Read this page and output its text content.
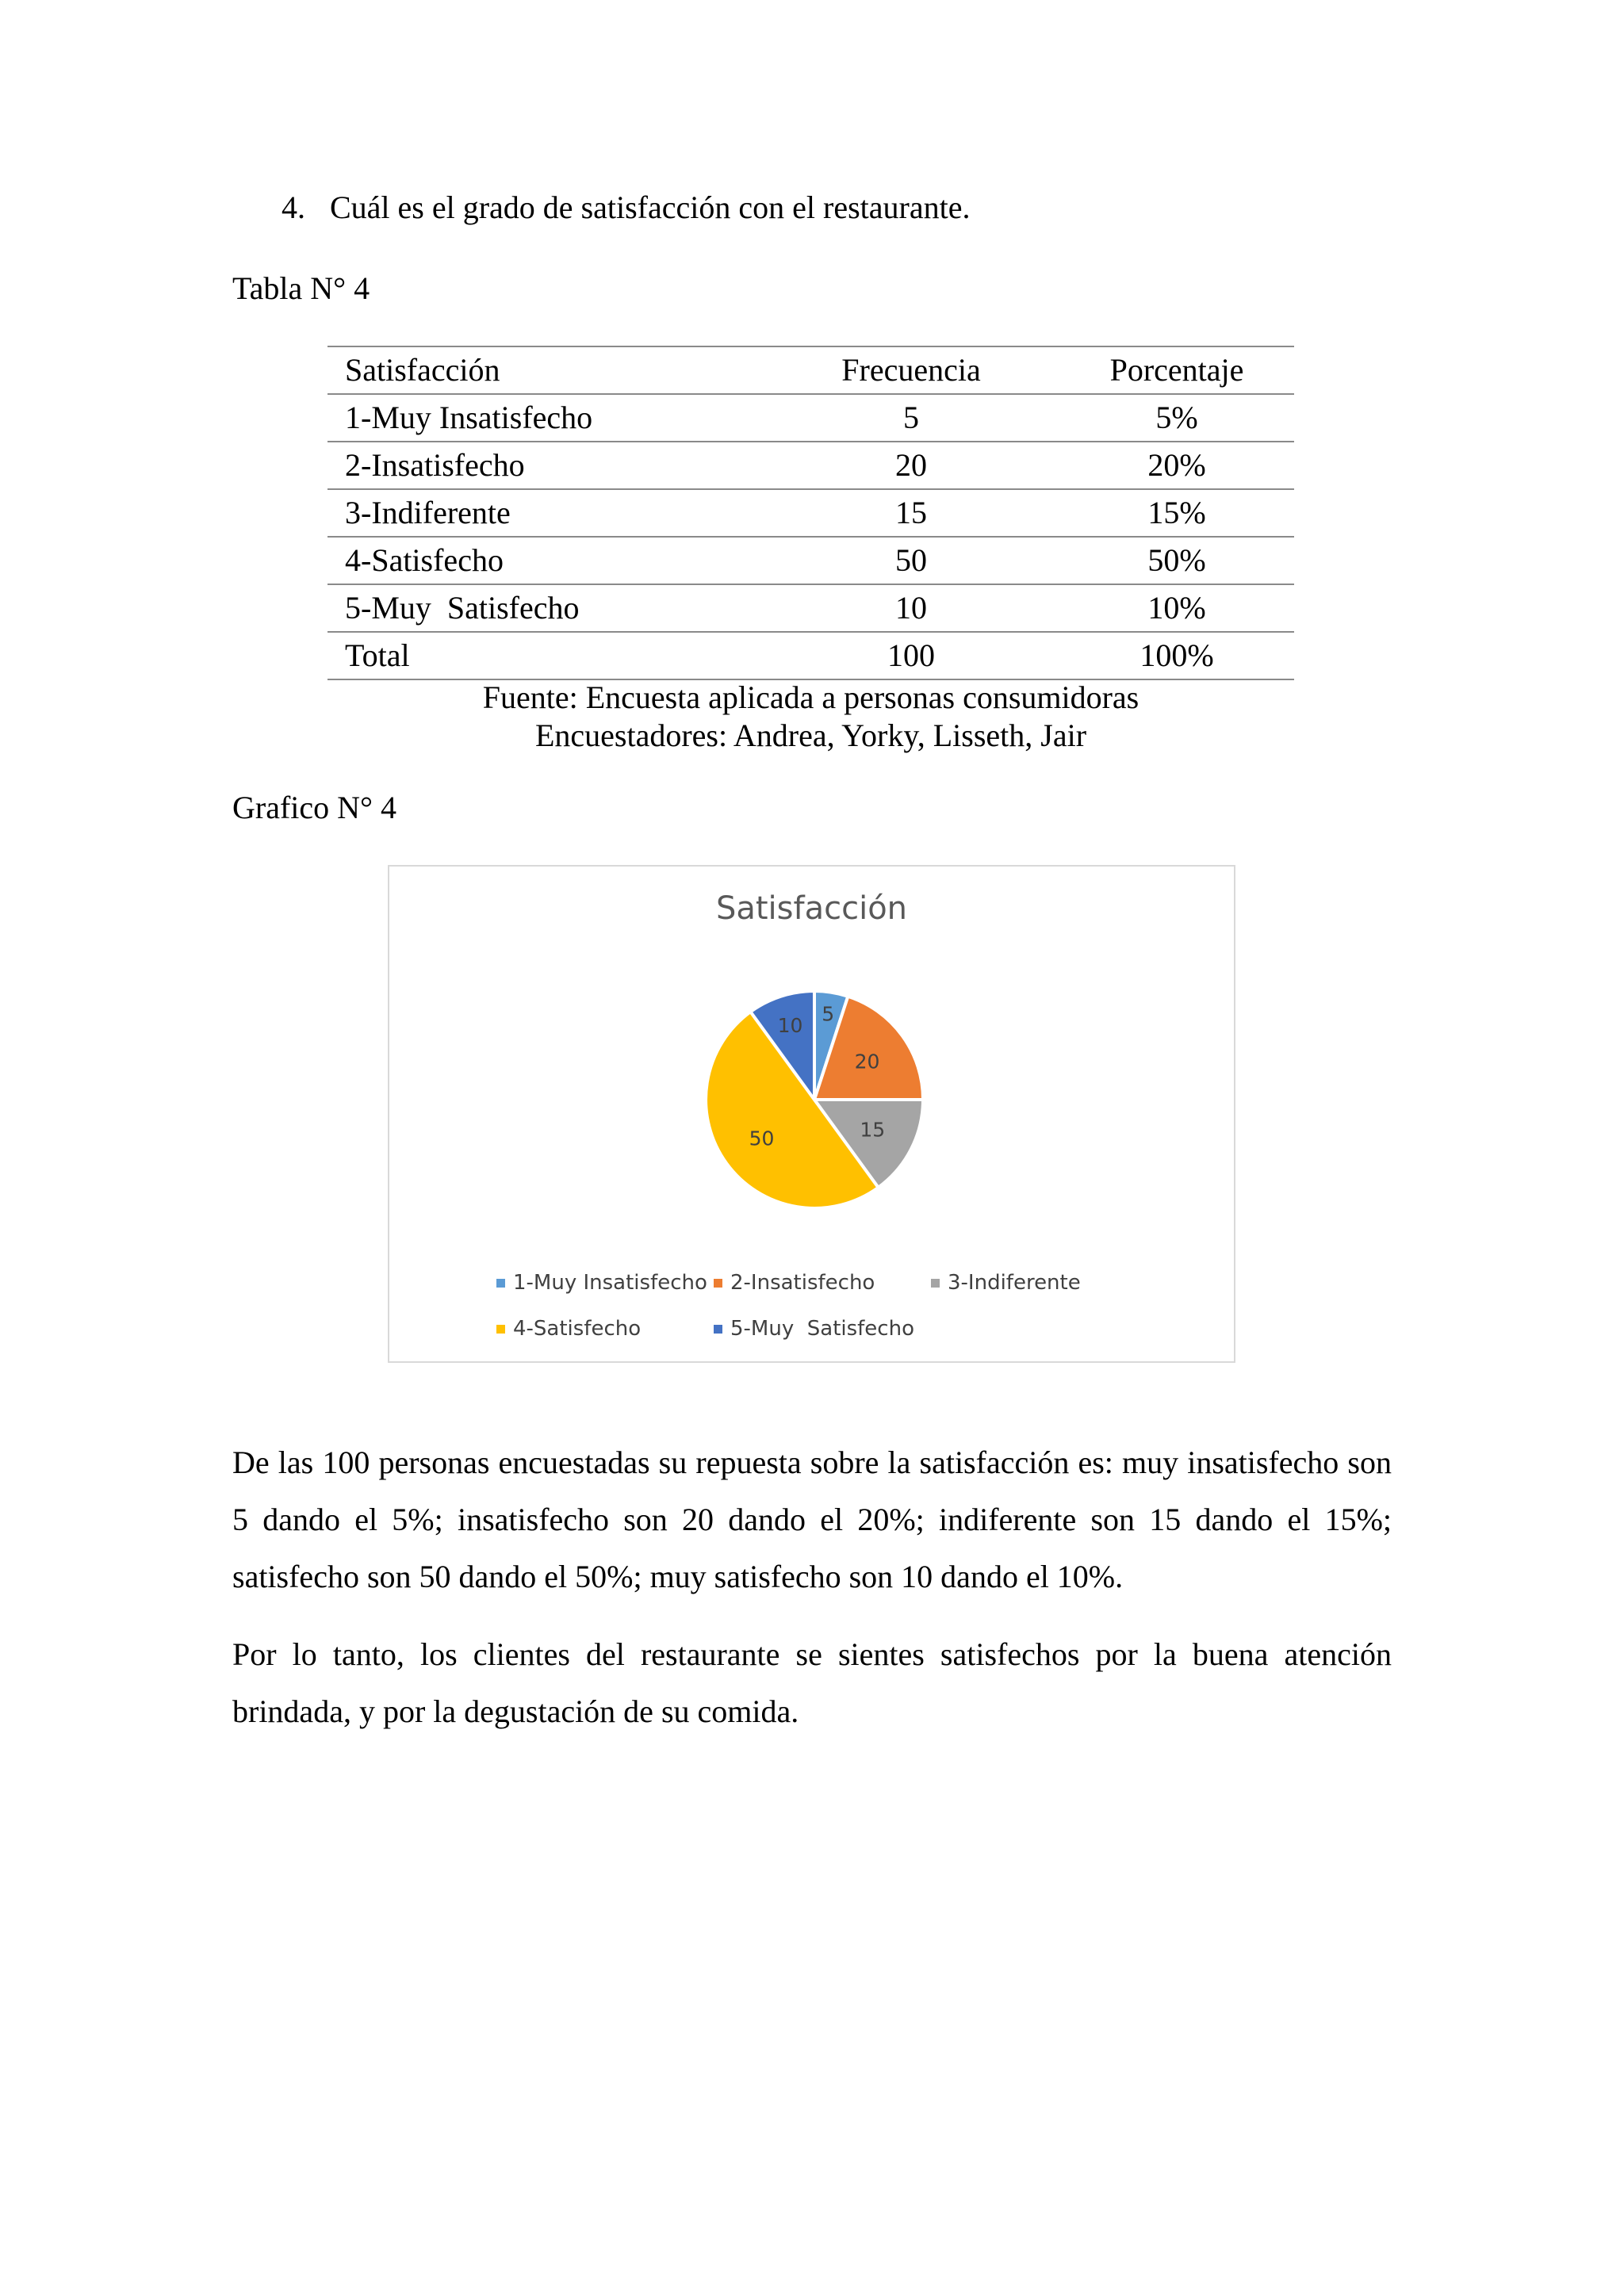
4. Cuál es el grado de satisfacción con el restaurante.
Tabla N° 4
Satisfacción	Frecuencia	Porcentaje
1-Muy Insatisfecho	5	5%
2-Insatisfecho	20	20%
3-Indiferente	15	15%
4-Satisfecho	50	50%
5-Muy  Satisfecho	10	10%
Total	100	100%
Fuente: Encuesta aplicada a personas consumidoras
Encuestadores: Andrea, Yorky, Lisseth, Jair
Grafico N° 4
Satisfacción
5
20
15
50
10
1-Muy Insatisfecho 2-Insatisfecho	3-Indiferente
4-Satisfecho	5-Muy  Satisfecho
De las 100 personas encuestadas su repuesta sobre la satisfacción es: muy insatisfecho son 5 dando el 5%; insatisfecho son 20 dando el 20%; indiferente son 15 dando el 15%; satisfecho son 50 dando el 50%; muy satisfecho son 10 dando el 10%.
Por lo tanto, los clientes del restaurante se sientes satisfechos por la buena atención brindada, y por la degustación de su comida.
